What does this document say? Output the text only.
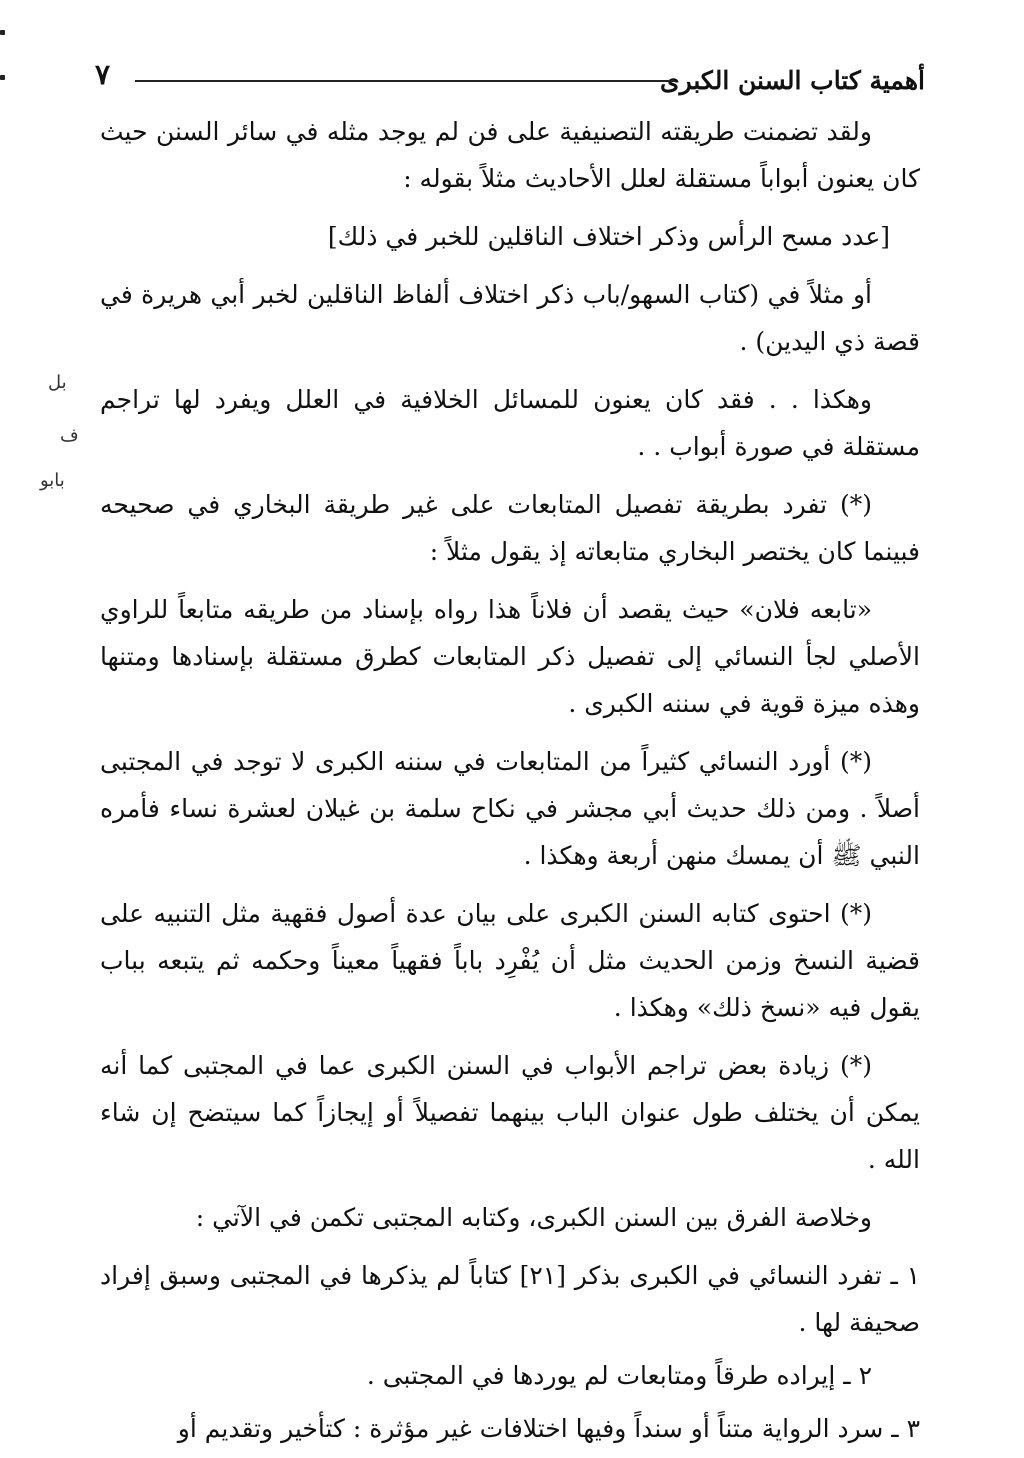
أهمية كتاب السنن الكبرى
٧
بل
ف
بابو

ولقد تضمنت طريقته التصنيفية على فن لم يوجد مثله في سائر السنن حيث كان يعنون أبواباً مستقلة لعلل الأحاديث مثلاً بقوله :

[عدد مسح الرأس وذكر اختلاف الناقلين للخبر في ذلك]

أو مثلاً في (كتاب السهو/باب ذكر اختلاف ألفاظ الناقلين لخبر أبي هريرة في قصة ذي اليدين) .

وهكذا . . فقد كان يعنون للمسائل الخلافية في العلل ويفرد لها تراجم مستقلة في صورة أبواب . .

(*) تفرد بطريقة تفصيل المتابعات على غير طريقة البخاري في صحيحه فبينما كان يختصر البخاري متابعاته إذ يقول مثلاً :

«تابعه فلان» حيث يقصد أن فلاناً هذا رواه بإسناد من طريقه متابعاً للراوي الأصلي لجأ النسائي إلى تفصيل ذكر المتابعات كطرق مستقلة بإسنادها ومتنها وهذه ميزة قوية في سننه الكبرى .

(*) أورد النسائي كثيراً من المتابعات في سننه الكبرى لا توجد في المجتبى أصلاً . ومن ذلك حديث أبي مجشر في نكاح سلمة بن غيلان لعشرة نساء فأمره النبي ﷺ أن يمسك منهن أربعة وهكذا .

(*) احتوى كتابه السنن الكبرى على بيان عدة أصول فقهية مثل التنبيه على قضية النسخ وزمن الحديث مثل أن يُفْرِد باباً فقهياً معيناً وحكمه ثم يتبعه بباب يقول فيه «نسخ ذلك» وهكذا .

(*) زيادة بعض تراجم الأبواب في السنن الكبرى عما في المجتبى كما أنه يمكن أن يختلف طول عنوان الباب بينهما تفصيلاً أو إيجازاً كما سيتضح إن شاء الله .

وخلاصة الفرق بين السنن الكبرى، وكتابه المجتبى تكمن في الآتي :

١ ـ تفرد النسائي في الكبرى بذكر [٢١] كتاباً لم يذكرها في المجتبى وسبق إفراد صحيفة لها .

٢ ـ إيراده طرقاً ومتابعات لم يوردها في المجتبى .

٣ ـ سرد الرواية متناً أو سنداً وفيها اختلافات غير مؤثرة : كتأخير وتقديم أو
